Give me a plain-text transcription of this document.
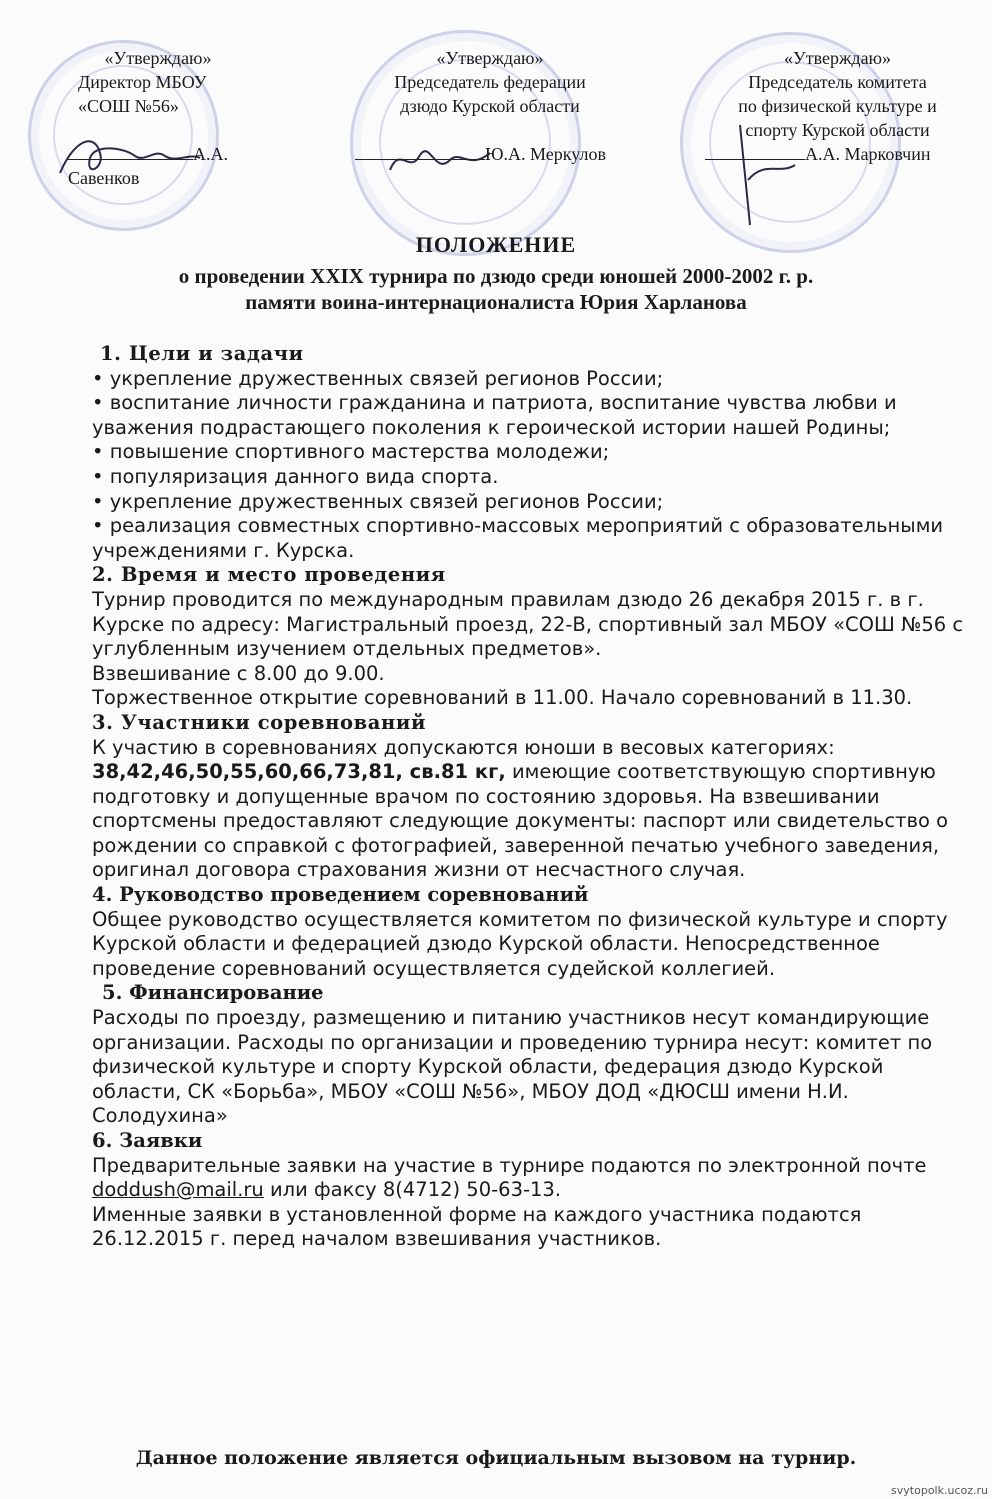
«Утверждаю»
Директор МБОУ
«СОШ №56»
А.А. Савенков
«Утверждаю»
Председатель федерации
дзюдо Курской области
Ю.А. Меркулов
«Утверждаю»
Председатель комитета
по физической культуре и
спорту Курской области
А.А. Марковчин
ПОЛОЖЕНИЕ
о проведении XXIX турнира по дзюдо среди юношей 2000-2002 г. р.
памяти воина-интернационалиста Юрия Харланова
1. Цели и задачи
• укрепление дружественных связей регионов России;
• воспитание личности гражданина и патриота, воспитание чувства любви и уважения подрастающего поколения к героической истории нашей Родины;
• повышение спортивного мастерства молодежи;
• популяризация данного вида спорта.
• укрепление дружественных связей регионов России;
• реализация совместных спортивно-массовых мероприятий с образовательными учреждениями г. Курска.
2. Время и место проведения

Турнир проводится по международным правилам дзюдо 26 декабря 2015 г. в г. Курске по адресу: Магистральный проезд, 22-В, спортивный зал МБОУ «СОШ №56 с углубленным изучением отдельных предметов».

Взвешивание с 8.00 до 9.00.

Торжественное открытие соревнований в 11.00. Начало соревнований в 11.30.

3. Участники соревнований

К участию в соревнованиях допускаются юноши в весовых категориях: 38,42,46,50,55,60,66,73,81, св.81 кг, имеющие соответствующую спортивную подготовку и допущенные врачом по состоянию здоровья. На взвешивании спортсмены предоставляют следующие документы: паспорт или свидетельство о рождении со справкой с фотографией, заверенной печатью учебного заведения, оригинал договора страхования жизни от несчастного случая.

4. Руководство проведением соревнований

Общее руководство осуществляется комитетом по физической культуре и спорту Курской области и федерацией дзюдо Курской области. Непосредственное проведение соревнований осуществляется судейской коллегией.

5. Финансирование

Расходы по проезду, размещению и питанию участников несут командирующие организации. Расходы по организации и проведению турнира несут: комитет по физической культуре и спорту Курской области, федерация дзюдо Курской области, СК «Борьба», МБОУ «СОШ №56», МБОУ ДОД «ДЮСШ имени Н.И. Солодухина»

6. Заявки

Предварительные заявки на участие в турнире подаются по электронной почте doddush@mail.ru или факсу 8(4712) 50-63-13.

Именные заявки в установленной форме на каждого участника подаются 26.12.2015 г. перед началом взвешивания участников.

Данное положение является официальным вызовом на турнир.
svytopolk.ucoz.ru
